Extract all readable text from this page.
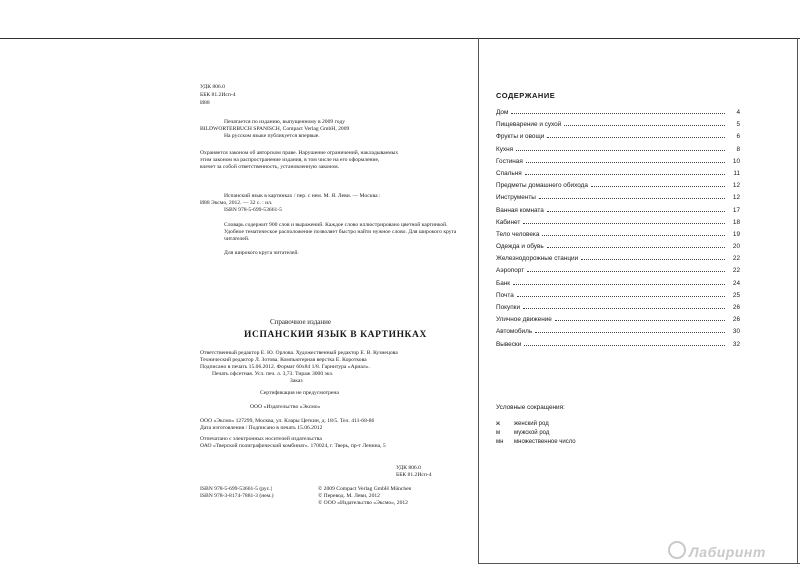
УДК 806.0

ББК 81.2Исп-4

И88

Печатается по изданию, выпущенному в 2009 году

BILDWÖRTERBUCH SPANISCH, Compact Verlag GmbH, 2009

На русском языке публикуется впервые.

Охраняется законом об авторском праве. Нарушение ограничений, накладываемых

этим законом на распространение издания, в том числе на его оформление,

влечет за собой ответственность, установленную законом.

Испанский язык в картинках / пер. с нем. М. Я. Леви. — Москва :

И88 Эксмо, 2012. — 32 с. : ил.

ISBN 978-5-699-53661-5

Словарь содержит 900 слов и выражений. Каждое слово иллюстрировано цветной картинкой. Удобное тематическое расположение позволяет быстро найти нужное слово. Для широкого круга читателей.

Для широкого круга читателей.

Справочное издание

ИСПАНСКИЙ ЯЗЫК В КАРТИНКАХ

Ответственный редактор Е. Ю. Орлова. Художественный редактор Е. В. Кузнецова

Технический редактор Л. Зотова. Компьютерная верстка Е. Короткова

Подписано в печать 15.06.2012. Формат 60x84 1/8. Гарнитура «Ариал».

Печать офсетная. Усл. печ. л. 3,73. Тираж 3000 экз.

Заказ

Сертификация не предусмотрена

ООО «Издательство «Эксмо»

ООО «Эксмо» 127299, Москва, ул. Клары Цеткин, д. 18/5. Тел. 411-68-86

Дата изготовления / Подписано в печать 15.06.2012

Отпечатано с электронных носителей издательства

ОАО «Тверской полиграфический комбинат». 170024, г. Тверь, пр-т Ленина, 5

УДК 806.0

ББК 81.2Исп-4

ISBN 978-5-699-53661-5 (рус.)

ISBN 978-3-8174-7881-3 (нем.)

© 2009 Compact Verlag GmbH München

© Перевод. М. Леви, 2012

© ООО «Издательство «Эксмо», 2012

СОДЕРЖАНИЕ
Дом	4
Пищеварение и сухой	5
Фрукты и овощи	6
Кухня	8
Гостиная	10
Спальня	11
Предметы домашнего обихода	12
Инструменты	12
Ванная комната	17
Кабинет	18
Тело человека	19
Одежда и обувь	20
Железнодорожные станции	22
Аэропорт	22
Банк	24
Почта	25
Покупки	26
Уличное движение	26
Автомобиль	30
Вывески	32
Условные сокращения:
ж	женский род
м	мужской род
мн	множественное число
Лабиринт
